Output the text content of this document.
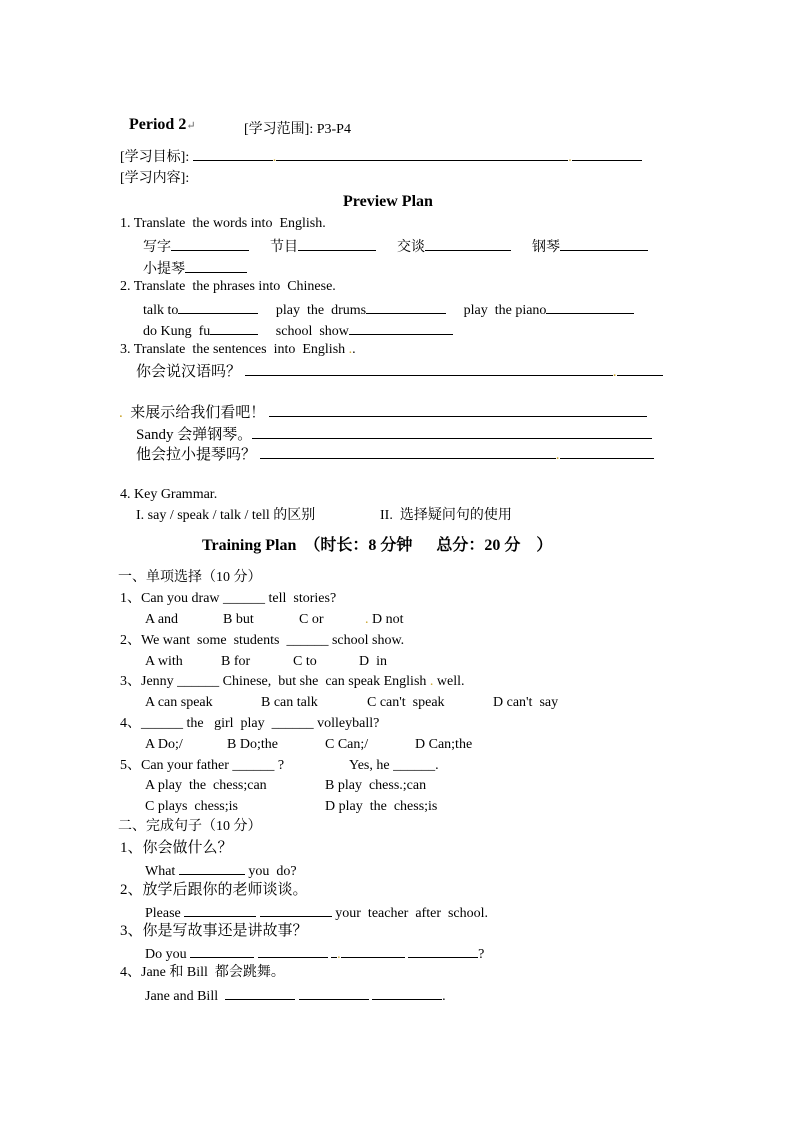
Period 2↵	[学习范围]: P3-P4
[学习目标]:	.	.
[学习内容]:
Preview Plan
1. Translate  the words into  English.
写字	节目	交谈	钢琴
小提琴
2. Translate  the phrases into  Chinese.
talk to	play  the  drums	play  the piano
do Kung  fu	school  show
3. Translate  the sentences  into  English ..
你会说汉语吗？	.
. 来展示给我们看吧！
Sandy 会弹钢琴。
他会拉小提琴吗？	.
4. Key Grammar.
I. say / speak / talk / tell 的区别	II.  选择疑问句的使用
Training Plan  （时长：8 分钟      总分：20 分    ）
一、单项选择（10 分）
1、Can you draw ______ tell  stories?
A and	B but	C or	. D not
2、We want  some  students  ______ school show.
A with	B for	C to	D  in
3、Jenny ______ Chinese,  but she  can speak English . well.
A can speak	B can talk	C can't  speak	D can't  say
4、______ the   girl  play  ______ volleyball?
A Do;/	B Do;the	C Can;/	D Can;the
5、Can your father ______ ?	Yes, he ______.
A play  the  chess;can	B play  chess.;can
C plays  chess;is	D play  the  chess;is
二、完成句子（10 分）
1、你会做什么？
What	you  do?
2、放学后跟你的老师谈谈。
Please	your  teacher  after  school.
3、你是写故事还是讲故事？
Do you	.	?
4、Jane 和 Bill  都会跳舞。
Jane and Bill	.
